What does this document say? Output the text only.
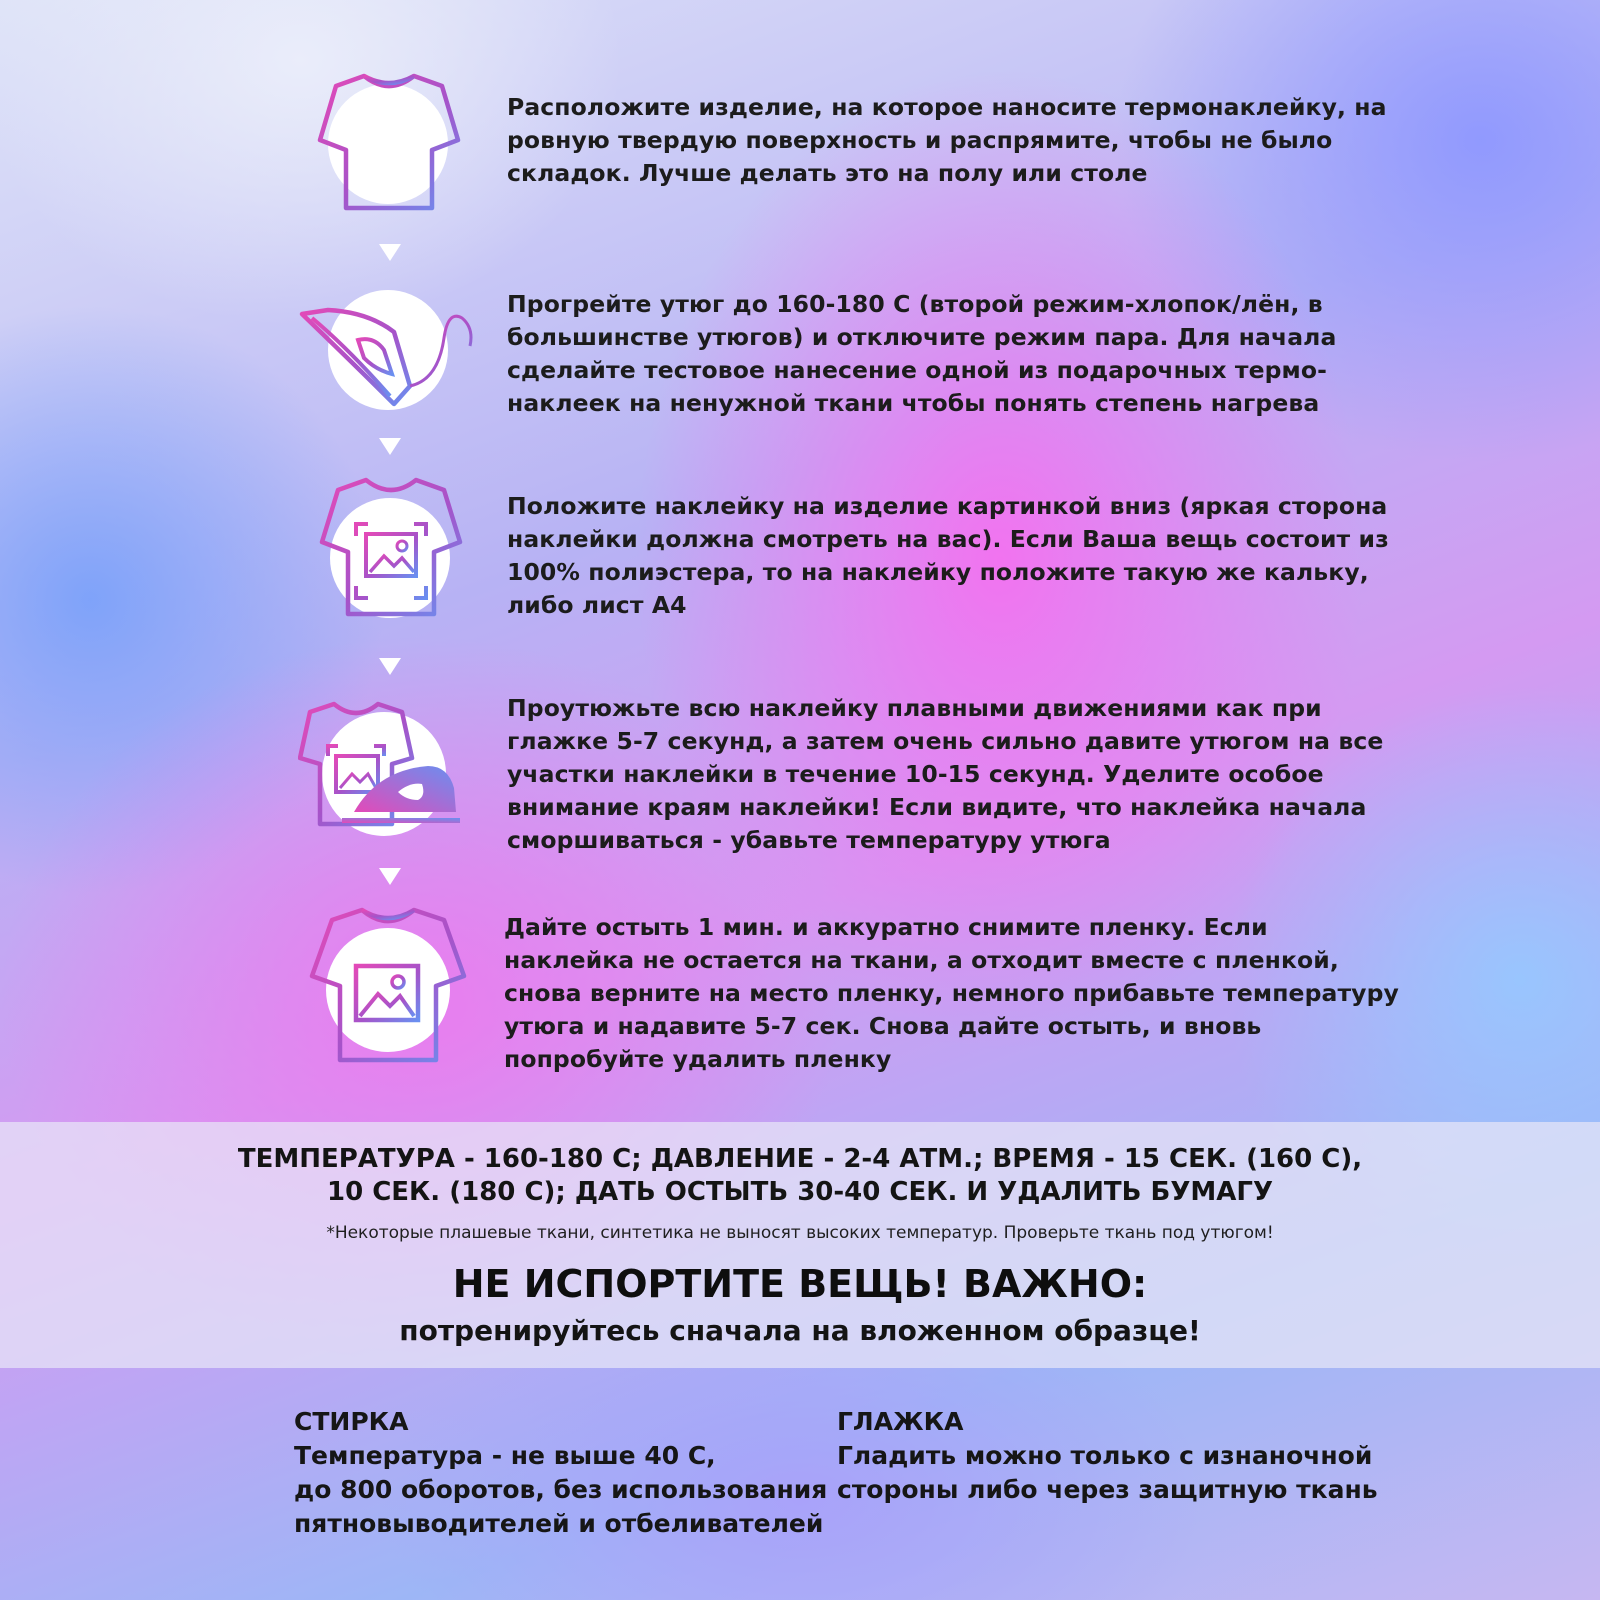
Расположите изделие, на которое наносите термонаклейку, на ровную твердую поверхность и распрямите, чтобы не было складок. Лучше делать это на полу или столе

Прогрейте утюг до 160-180 С (второй режим-хлопок/лён, в большинстве утюгов) и отключите режим пара. Для начала сделайте тестовое нанесение одной из подарочных термо-наклеек на ненужной ткани чтобы понять степень нагрева

Положите наклейку на изделие картинкой вниз (яркая сторона наклейки должна смотреть на вас). Если Ваша вещь состоит из 100% полиэстера, то на наклейку положите такую же кальку, либо лист А4

Проутюжьте всю наклейку плавными движениями как при глажке 5-7 секунд, а затем очень сильно давите утюгом на все участки наклейки в течение 10-15 секунд. Уделите особое внимание краям наклейки! Если видите, что наклейка начала сморшиваться - убавьте температуру утюга

Дайте остыть 1 мин. и аккуратно снимите пленку. Если наклейка не остается на ткани, а отходит вместе с пленкой, снова верните на место пленку, немного прибавьте температуру утюга и надавите 5-7 сек. Снова дайте остыть, и вновь попробуйте удалить пленку

ТЕМПЕРАТУРА - 160-180 С; ДАВЛЕНИЕ - 2-4 АТМ.; ВРЕМЯ - 15 СЕК. (160 С),

10 СЕК. (180 С); ДАТЬ ОСТЫТЬ 30-40 СЕК. И УДАЛИТЬ БУМАГУ

*Некоторые плашевые ткани, синтетика не выносят высоких температур. Проверьте ткань под утюгом!

НЕ ИСПОРТИТЕ ВЕЩЬ! ВАЖНО:

потренируйтесь сначала на вложенном образце!

СТИРКА
Температура - не выше 40 С,
до 800 оборотов, без использования
пятновыводителей и отбеливателей
ГЛАЖКА
Гладить можно только с изнаночной
стороны либо через защитную ткань
